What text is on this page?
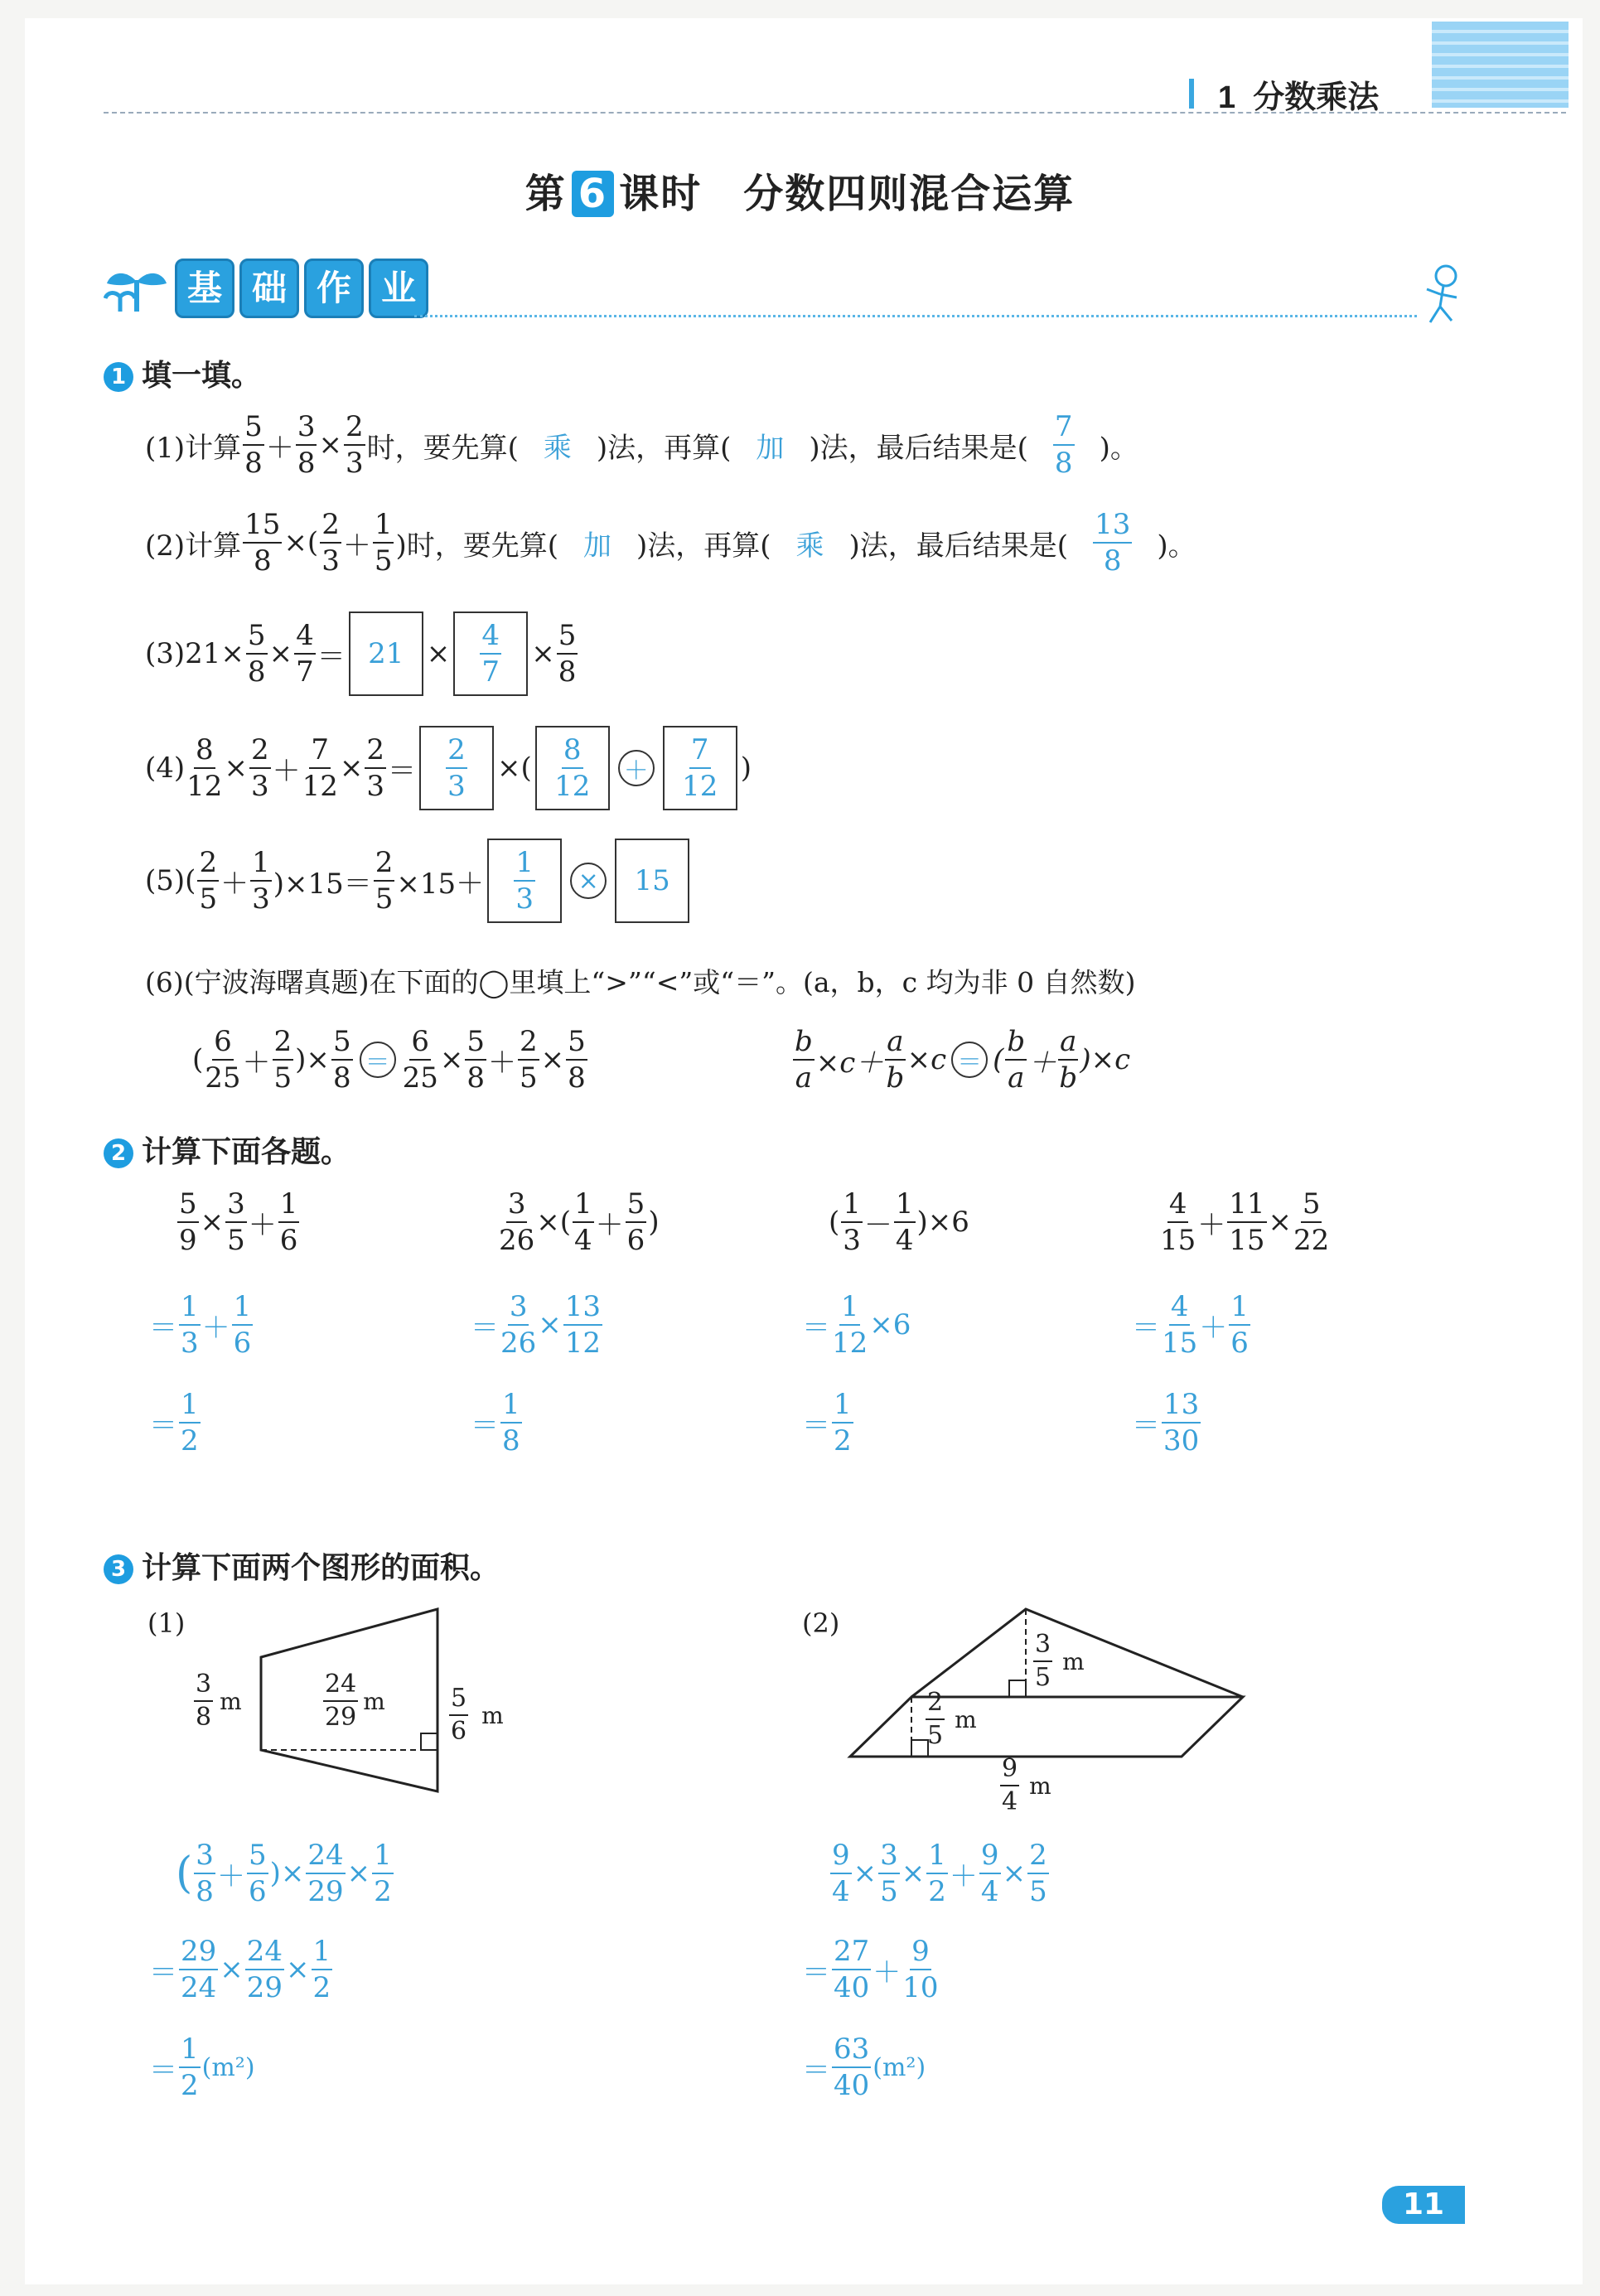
1 分数乘法
第 6 课时　分数四则混合运算
基 础 作 业
1 填一填。
(1)计算 $\frac{5}{8} + \frac{3}{8} \times \frac{2}{3}$ 时，要先算( 乘 )法，再算( 加 )法，最后结果是( $\frac{7}{8}$ )。
(2)计算 $\frac{15}{8}$ ×( $\frac{2}{3} + \frac{1}{5}$ )时，要先算( 加 )法，再算( 乘 )法，最后结果是( $\frac{13}{8}$ )。
$(3)21\times \frac{5}{8} \times \frac{4}{7} = 21 \times \frac{4}{7} \times \frac{5}{8}$
$(4) \frac{8}{12} \times \frac{2}{3} + \frac{7}{12} \times \frac{2}{3} = \frac{2}{3}$ ×( $\frac{8}{12} + \frac{7}{12}$ )
$(5)( \frac{2}{5} + \frac{1}{3} )\times 15= \frac{2}{5} \times 15+ \frac{1}{3}$	×	15
(6)(宁波海曙真题)在下面的◯里填上“>”“<”或“＝”。(a，b，c 均为非 0 自然数)
( $\frac{6}{25} + \frac{2}{5}$ )× $\frac{5}{8} = \frac{6}{25} \times \frac{5}{8} + \frac{2}{5} \times \frac{5}{8}$	$\frac{b}{a} \times c+ \frac{a}{b} \times c$ ＝ ( $\frac{b}{a} + \frac{a}{b} )\times c$
2 计算下面各题。
$\frac{5}{9} \times \frac{3}{5} + \frac{1}{6}$
＝ $\frac{1}{3} + \frac{1}{6}$
＝ $\frac{1}{2}$
$\frac{3}{26}$ ×( $\frac{1}{4} + \frac{5}{6}$ )
＝ $\frac{3}{26} \times \frac{13}{12}$
＝ $\frac{1}{8}$
( $\frac{1}{3} - \frac{1}{4} )\times 6$
＝ $\frac{1}{12} \times 6$
＝ $\frac{1}{2}$
$\frac{4}{15} + \frac{11}{15} \times \frac{5}{22}$
＝ $\frac{4}{15} + \frac{1}{6}$
＝ $\frac{13}{30}$
3 计算下面两个图形的面积。
(1)
$\frac{3}{8}$ m	$\frac{24}{29}$ m	$\frac{5}{6}$ m
(2)
$\frac{3}{5}$ m
$\frac{2}{5}$ m
$\frac{9}{4}$ m
( $\frac{3}{8} + \frac{5}{6}$ )× $\frac{24}{29} \times \frac{1}{2}$
＝ $\frac{29}{24} \times \frac{24}{29} \times \frac{1}{2}$
＝ $\frac{1}{2} (m^2)$
$\frac{9}{4} \times \frac{3}{5} \times \frac{1}{2} + \frac{9}{4} \times \frac{2}{5}$
＝ $\frac{27}{40} + \frac{9}{10}$
＝ $\frac{63}{40} (m^2)$
11
